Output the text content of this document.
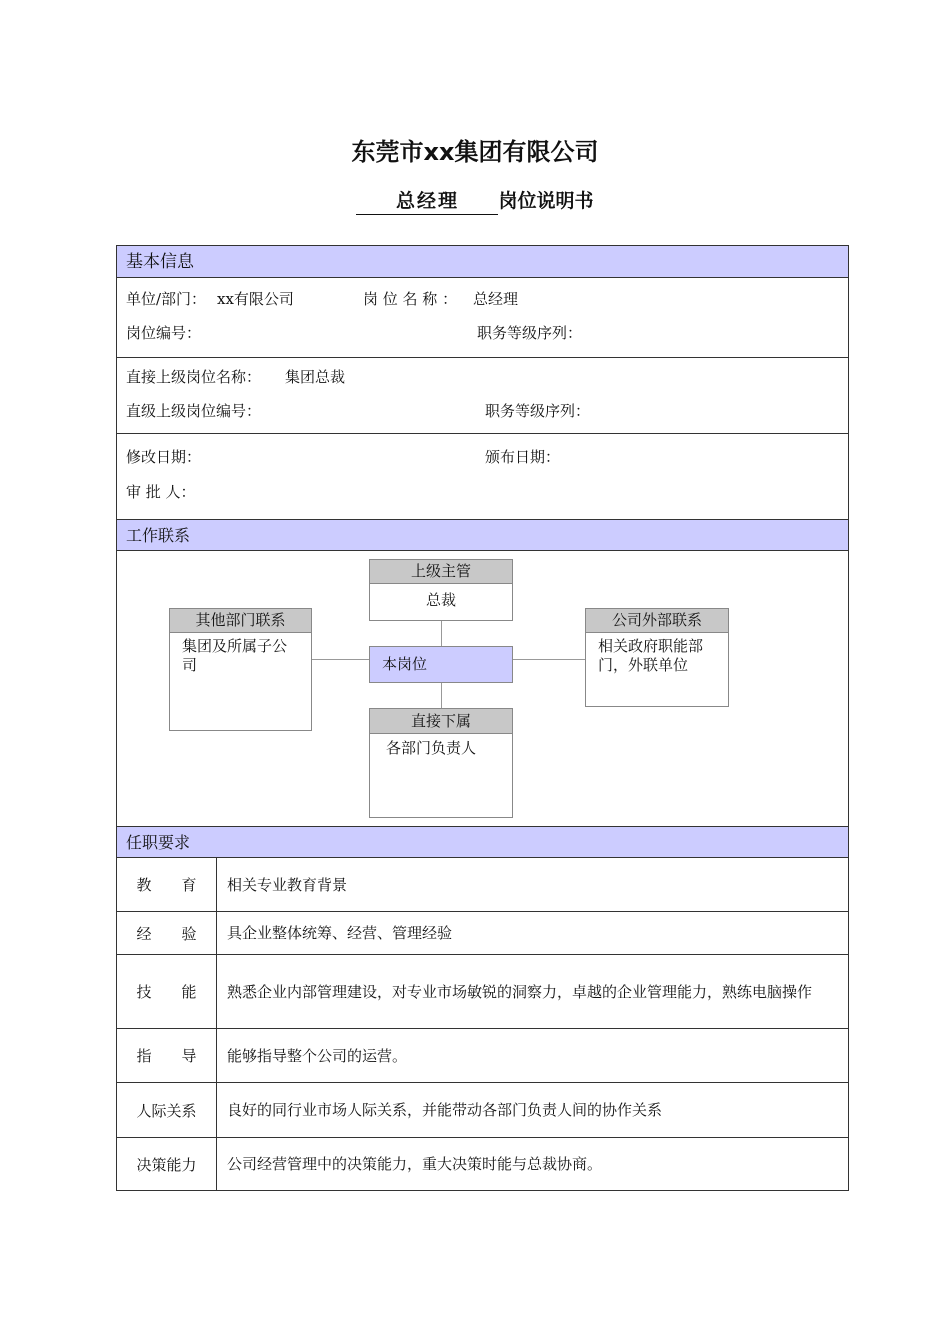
东莞市xx集团有限公司
总经理 岗位说明书
基本信息
单位/部门： xx有限公司	岗 位 名 称 ： 总经理
岗位编号：	职务等级序列：
直接上级岗位名称： 集团总裁
直级上级岗位编号：	职务等级序列：
修改日期：	颁布日期：
审 批 人：
工作联系
上级主管
总裁
其他部门联系
集团及所属子公司	本岗位
公司外部联系
相关政府职能部门，外联单位
直接下属
各部门负责人
任职要求
教　　育	相关专业教育背景
经　　验	具企业整体统筹、经营、管理经验
技　　能	熟悉企业内部管理建设，对专业市场敏锐的洞察力，卓越的企业管理能力，熟练电脑操作
指　　导	能够指导整个公司的运营。
人际关系	良好的同行业市场人际关系，并能带动各部门负责人间的协作关系
决策能力	公司经营管理中的决策能力，重大决策时能与总裁协商。
